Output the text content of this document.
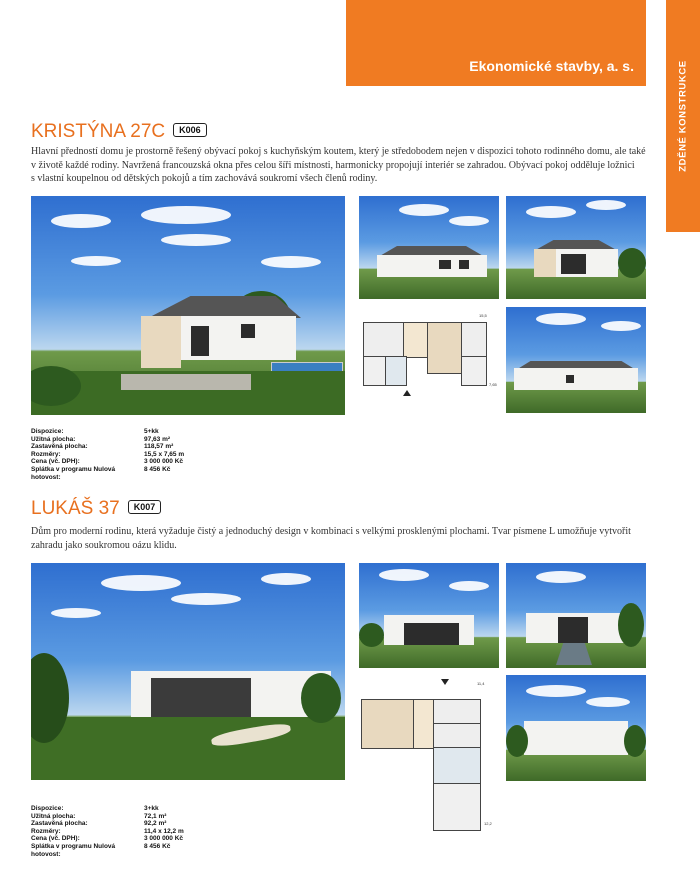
Ekonomické stavby, a. s.	ZDĚNÉ KONSTRUKCE
KRISTÝNA 27C K006
Hlavní předností domu je prostorně řešený obývací pokoj s kuchyňským koutem, který je středobodem nejen v dispozici tohoto rodinného domu, ale také
v životě každé rodiny. Navržená francouzská okna přes celou šíři místnosti, harmonicky propojují interiér se zahradou. Obývací pokoj odděluje ložnici
s vlastní koupelnou od dětských pokojů a tím zachovává soukromí všech členů rodiny.
15,5
7,65
Dispozice:	5+kk
Užitná plocha:	97,63 m²
Zastavěná plocha:	118,57 m²
Rozměry:	15,5 x 7,65 m
Cena (vč. DPH):	3 000 000 Kč
Splátka v programu Nulová hotovost:
8 456 Kč
LUKÁŠ 37 K007
Dům pro moderní rodinu, která vyžaduje čistý a jednoduchý design v kombinaci s velkými prosklenými plochami. Tvar písmene L umožňuje vytvořit
zahradu jako soukromou oázu klidu.
11,4
12,2
Dispozice:	3+kk
Užitná plocha:	72,1 m²
Zastavěná plocha:	92,2 m²
Rozměry:	11,4 x 12,2 m
Cena (vč. DPH):	3 000 000 Kč
Splátka v programu Nulová hotovost:
8 456 Kč
